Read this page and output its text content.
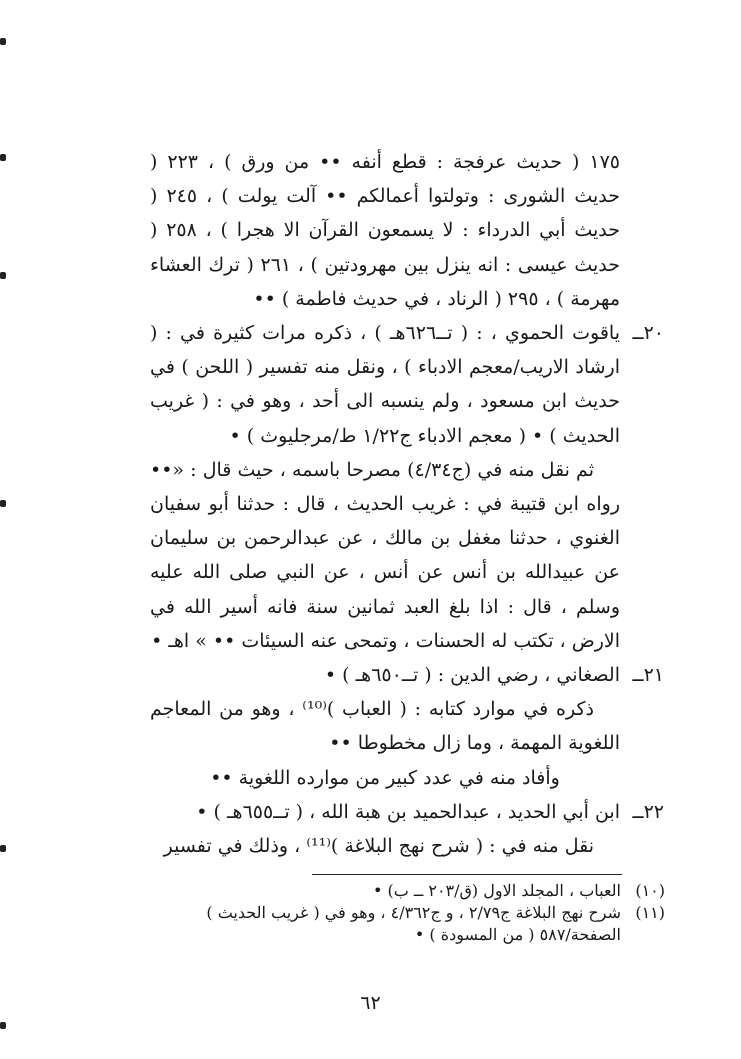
١٧٥ ( حديث عرفجة : قطع أنفه •• من ورق ) ، ٢٢٣ ( حديث الشورى : وتولتوا أعمالكم •• آلت يولت ) ، ٢٤٥ ( حديث أبي الدرداء : لا يسمعون القرآن الا هجرا ) ، ٢٥٨ ( حديث عيسى : انه ينزل بين مهرودتين ) ، ٢٦١ ( ترك العشاء مهرمة ) ، ٢٩٥ ( الرناد ، في حديث فاطمة ) ••

٢٠ــ

ياقوت الحموي ، : ( تــ٦٢٦هـ ) ، ذكره مرات كثيرة في : ( ارشاد الاريب/معجم الادباء ) ، ونقل منه تفسير ( اللحن ) في حديث ابن مسعود ، ولم ينسبه الى أحد ، وهو في : ( غريب الحديث ) • ( معجم الادباء ج١/٢٢ ط/مرجليوث ) •

ثم نقل منه في (ج٤/٣٤) مصرحا باسمه ، حيث قال : «•• رواه ابن قتيبة في : غريب الحديث ، قال : حدثنا أبو سفيان الغنوي ، حدثنا مغفل بن مالك ، عن عبدالرحمن بن سليمان عن عبيدالله بن أنس عن أنس ، عن النبي صلى الله عليه وسلم ، قال : اذا بلغ العبد ثمانين سنة فانه أسير الله في الارض ، تكتب له الحسنات ، وتمحى عنه السيئات •• » اهـ •

٢١ــ

الصغاني ، رضي الدين : ( تــ٦٥٠هـ ) •

ذكره في موارد كتابه : ( العباب )⁽¹⁰⁾ ، وهو من المعاجم اللغوية المهمة ، وما زال مخطوطا ••

وأفاد منه في عدد كبير من موارده اللغوية ••

٢٢ــ

ابن أبي الحديد ، عبدالحميد بن هبة الله ، ( تــ٦٥٥هـ ) •

نقل منه في : ( شرح نهج البلاغة )⁽¹¹⁾ ، وذلك في تفسير

(١٠)
العباب ، المجلد الاول (ق/٢٠٣ ــ ب) •

(١١)
شرح نهج البلاغة ج٢/٧٩ ، و ج٤/٣٦٢ ، وهو في ( غريب الحديث ) الصفحة/٥٨٧ ( من المسودة ) •

٦٢
